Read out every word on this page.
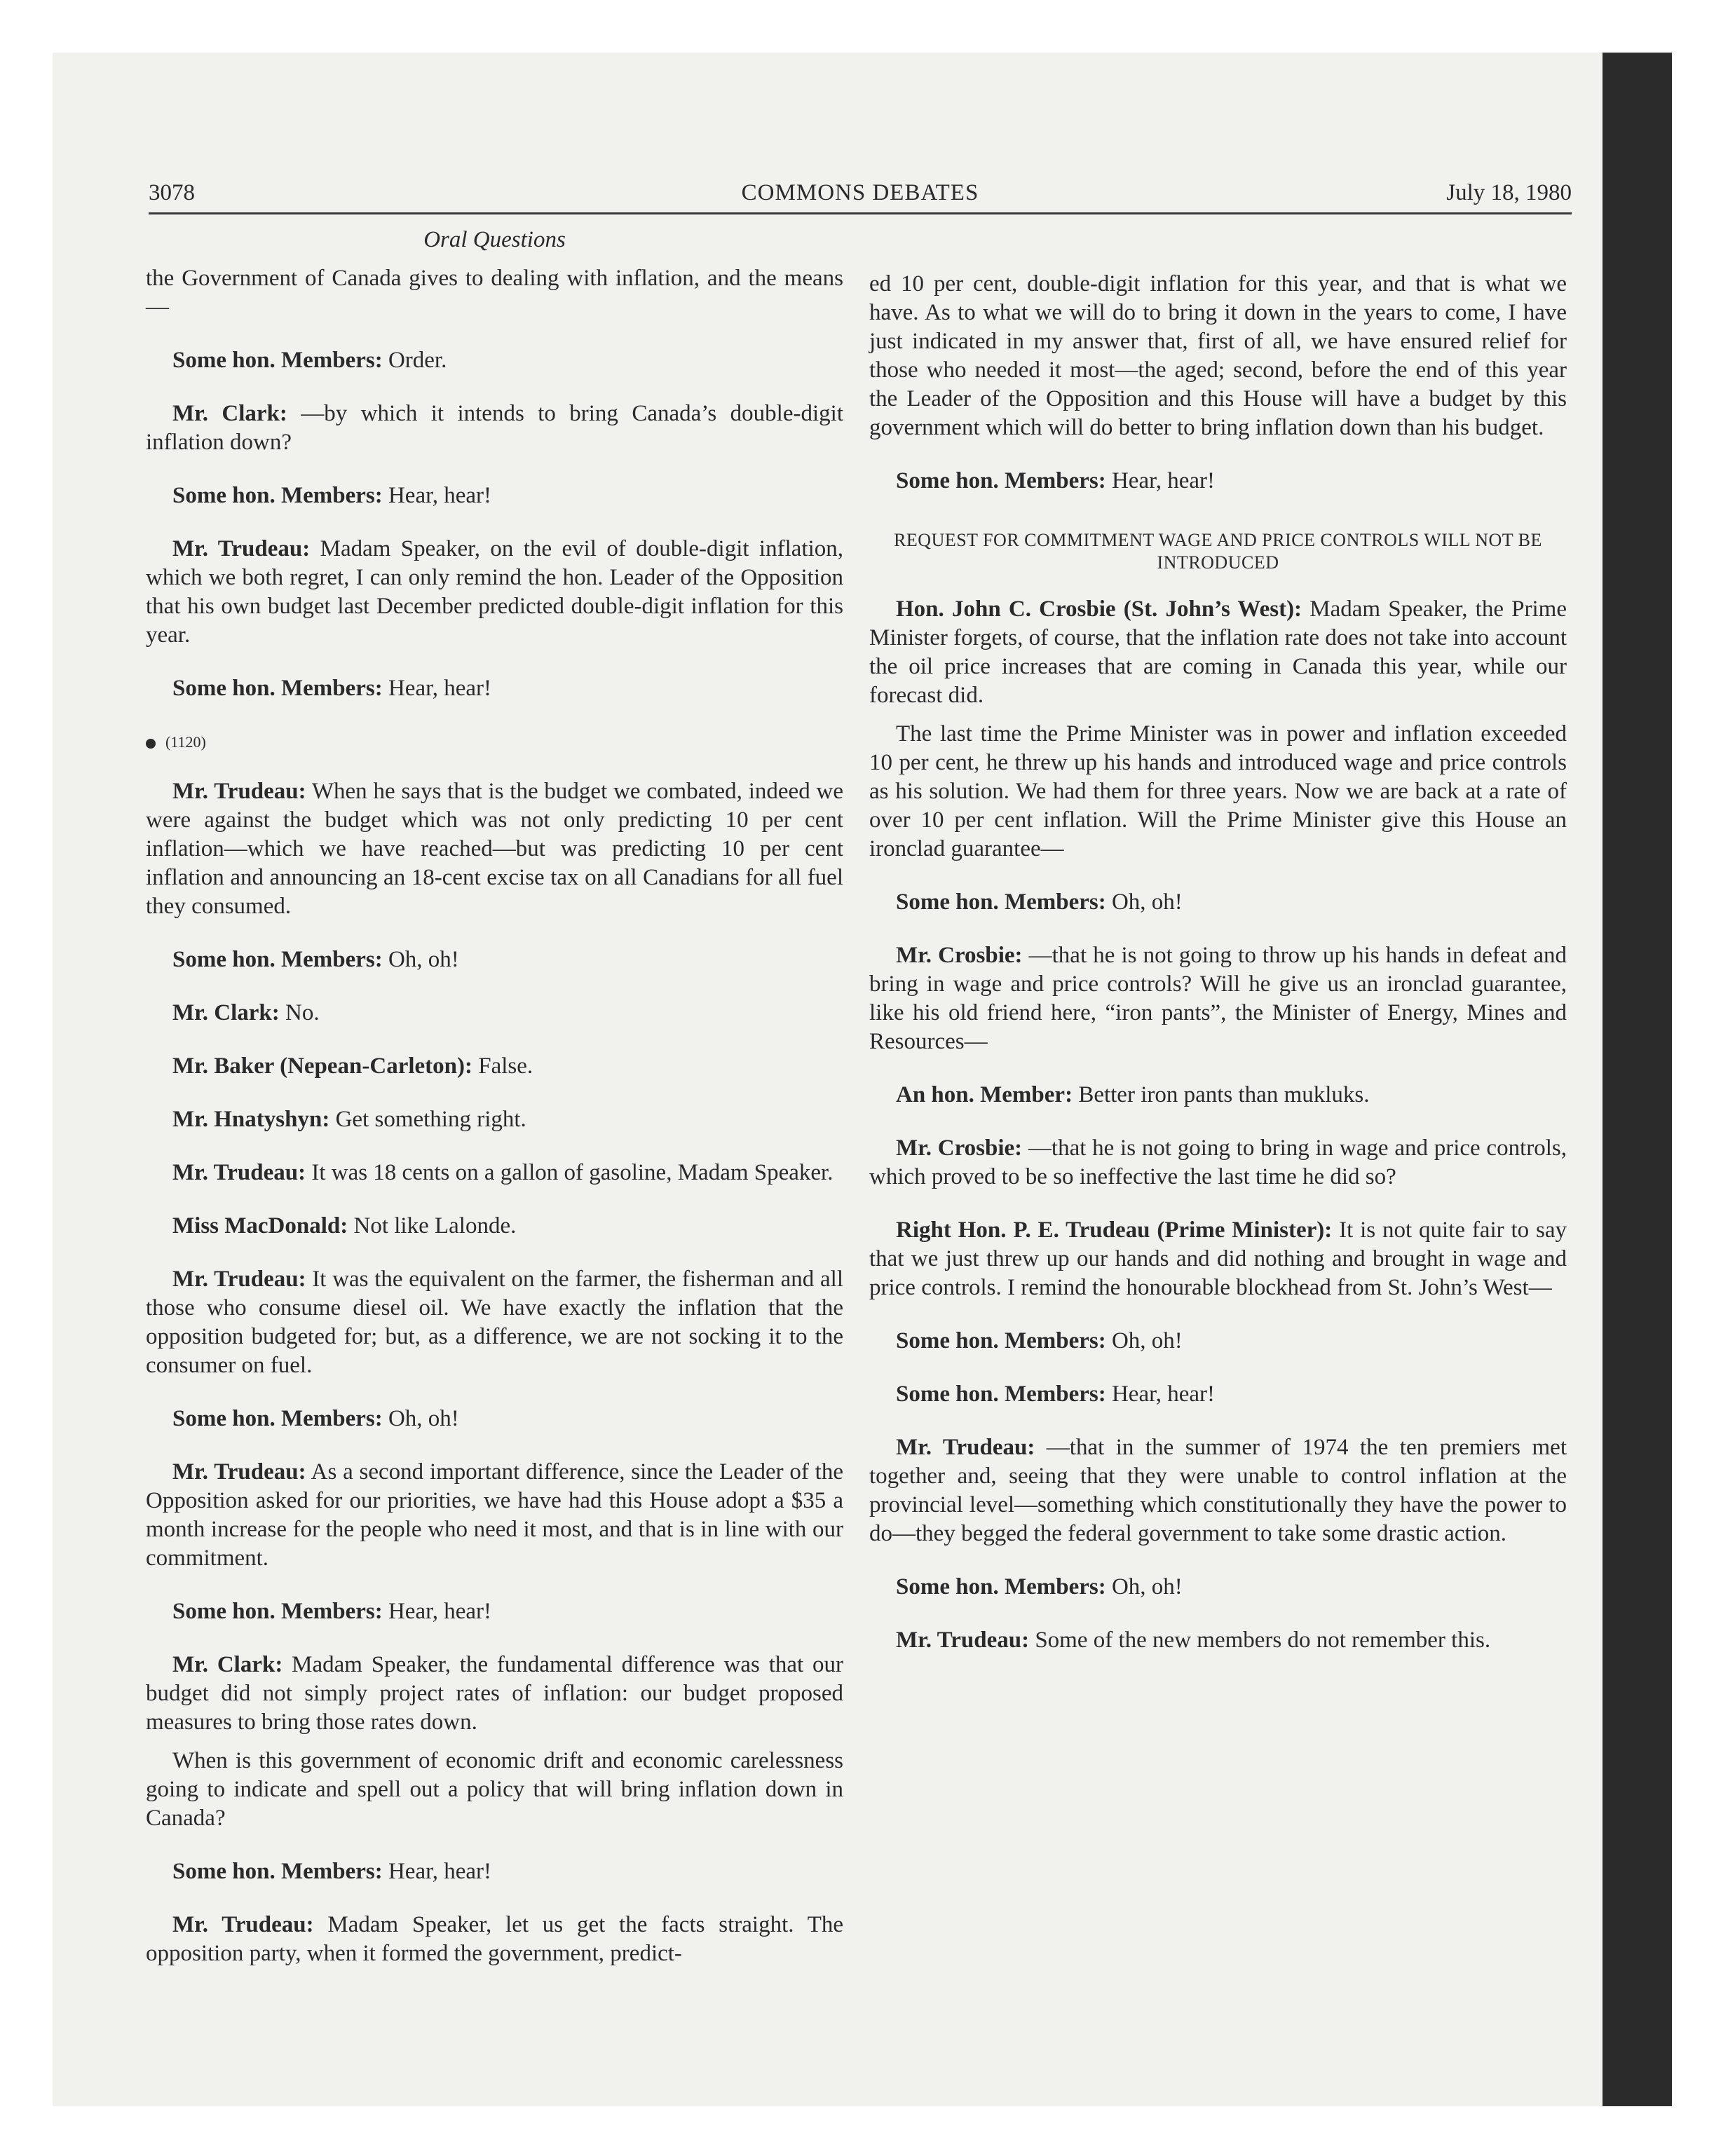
3078	COMMONS DEBATES	July 18, 1980
Oral Questions

the Government of Canada gives to dealing with inflation, and the means—

Some hon. Members: Order.

Mr. Clark: —by which it intends to bring Canada’s double-digit inflation down?

Some hon. Members: Hear, hear!

Mr. Trudeau: Madam Speaker, on the evil of double-digit inflation, which we both regret, I can only remind the hon. Leader of the Opposition that his own budget last December predicted double-digit inflation for this year.

Some hon. Members: Hear, hear!

(1120)

Mr. Trudeau: When he says that is the budget we combated, indeed we were against the budget which was not only predicting 10 per cent inflation—which we have reached—but was predicting 10 per cent inflation and announcing an 18-cent excise tax on all Canadians for all fuel they consumed.

Some hon. Members: Oh, oh!

Mr. Clark: No.

Mr. Baker (Nepean-Carleton): False.

Mr. Hnatyshyn: Get something right.

Mr. Trudeau: It was 18 cents on a gallon of gasoline, Madam Speaker.

Miss MacDonald: Not like Lalonde.

Mr. Trudeau: It was the equivalent on the farmer, the fisherman and all those who consume diesel oil. We have exactly the inflation that the opposition budgeted for; but, as a difference, we are not socking it to the consumer on fuel.

Some hon. Members: Oh, oh!

Mr. Trudeau: As a second important difference, since the Leader of the Opposition asked for our priorities, we have had this House adopt a $35 a month increase for the people who need it most, and that is in line with our commitment.

Some hon. Members: Hear, hear!

Mr. Clark: Madam Speaker, the fundamental difference was that our budget did not simply project rates of inflation: our budget proposed measures to bring those rates down.

When is this government of economic drift and economic carelessness going to indicate and spell out a policy that will bring inflation down in Canada?

Some hon. Members: Hear, hear!

Mr. Trudeau: Madam Speaker, let us get the facts straight. The opposition party, when it formed the government, predict-

ed 10 per cent, double-digit inflation for this year, and that is what we have. As to what we will do to bring it down in the years to come, I have just indicated in my answer that, first of all, we have ensured relief for those who needed it most—the aged; second, before the end of this year the Leader of the Opposition and this House will have a budget by this government which will do better to bring inflation down than his budget.

Some hon. Members: Hear, hear!

REQUEST FOR COMMITMENT WAGE AND PRICE CONTROLS WILL NOT BE INTRODUCED

Hon. John C. Crosbie (St. John’s West): Madam Speaker, the Prime Minister forgets, of course, that the inflation rate does not take into account the oil price increases that are coming in Canada this year, while our forecast did.

The last time the Prime Minister was in power and inflation exceeded 10 per cent, he threw up his hands and introduced wage and price controls as his solution. We had them for three years. Now we are back at a rate of over 10 per cent inflation. Will the Prime Minister give this House an ironclad guarantee—

Some hon. Members: Oh, oh!

Mr. Crosbie: —that he is not going to throw up his hands in defeat and bring in wage and price controls? Will he give us an ironclad guarantee, like his old friend here, “iron pants”, the Minister of Energy, Mines and Resources—

An hon. Member: Better iron pants than mukluks.

Mr. Crosbie: —that he is not going to bring in wage and price controls, which proved to be so ineffective the last time he did so?

Right Hon. P. E. Trudeau (Prime Minister): It is not quite fair to say that we just threw up our hands and did nothing and brought in wage and price controls. I remind the honourable blockhead from St. John’s West—

Some hon. Members: Oh, oh!

Some hon. Members: Hear, hear!

Mr. Trudeau: —that in the summer of 1974 the ten premiers met together and, seeing that they were unable to control inflation at the provincial level—something which constitutionally they have the power to do—they begged the federal government to take some drastic action.

Some hon. Members: Oh, oh!

Mr. Trudeau: Some of the new members do not remember this.
